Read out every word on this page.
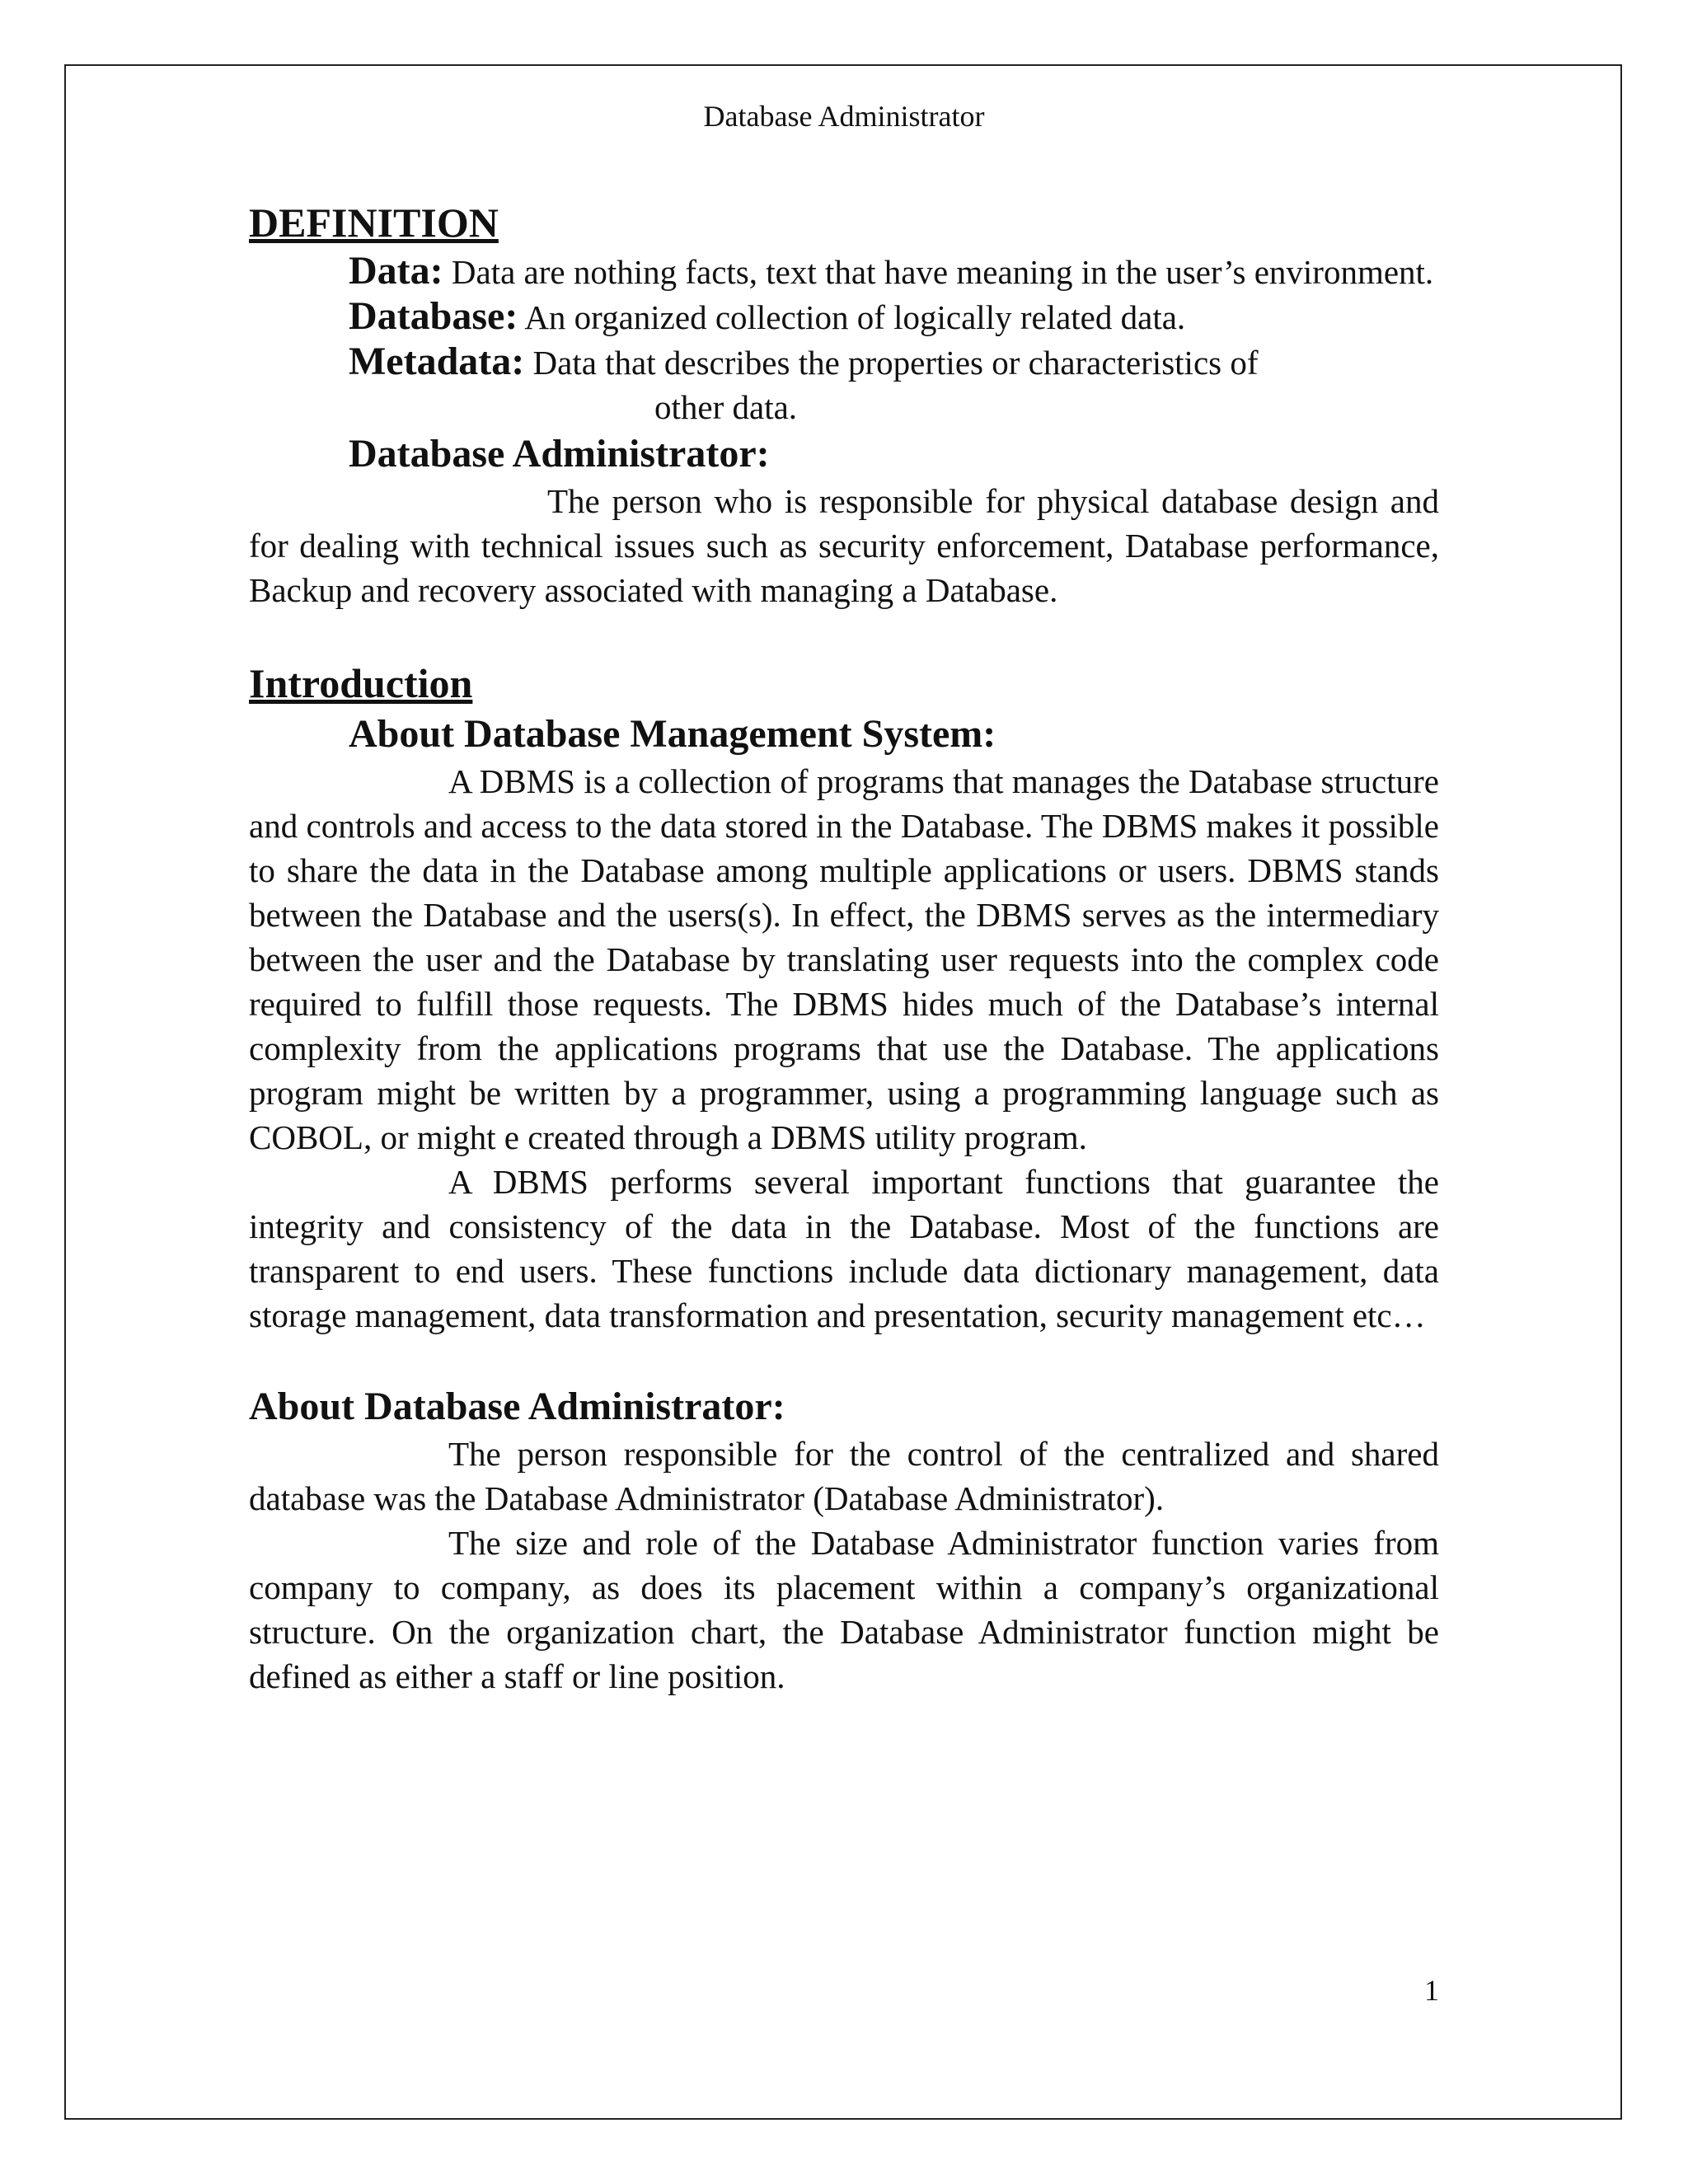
Database Administrator
DEFINITION

Data: Data are nothing facts, text that have meaning in the user’s environment.

Database: An organized collection of logically related data.

Metadata: Data that describes the properties or characteristics of

other data.
Database Administrator:

The person who is responsible for physical database design and for dealing with technical issues such as security enforcement, Database performance, Backup and recovery associated with managing a Database.

Introduction
About Database Management System:

A DBMS is a collection of programs that manages the Database structure and controls and access to the data stored in the Database. The DBMS makes it possible to share the data in the Database among multiple applications or users. DBMS stands between the Database and the users(s). In effect, the DBMS serves as the intermediary between the user and the Database by translating user requests into the complex code required to fulfill those requests. The DBMS hides much of the Database’s internal complexity from the applications programs that use the Database. The applications program might be written by a programmer, using a programming language such as COBOL, or might e created through a DBMS utility program.

A DBMS performs several important functions that guarantee the integrity and consistency of the data in the Database. Most of the functions are transparent to end users. These functions include data dictionary management, data storage management, data transformation and presentation, security management etc…

About Database Administrator:

The person responsible for the control of the centralized and shared database was the Database Administrator (Database Administrator).

The size and role of the Database Administrator function varies from company to company, as does its placement within a company’s organizational structure. On the organization chart, the Database Administrator function might be defined as either a staff or line position.

1
